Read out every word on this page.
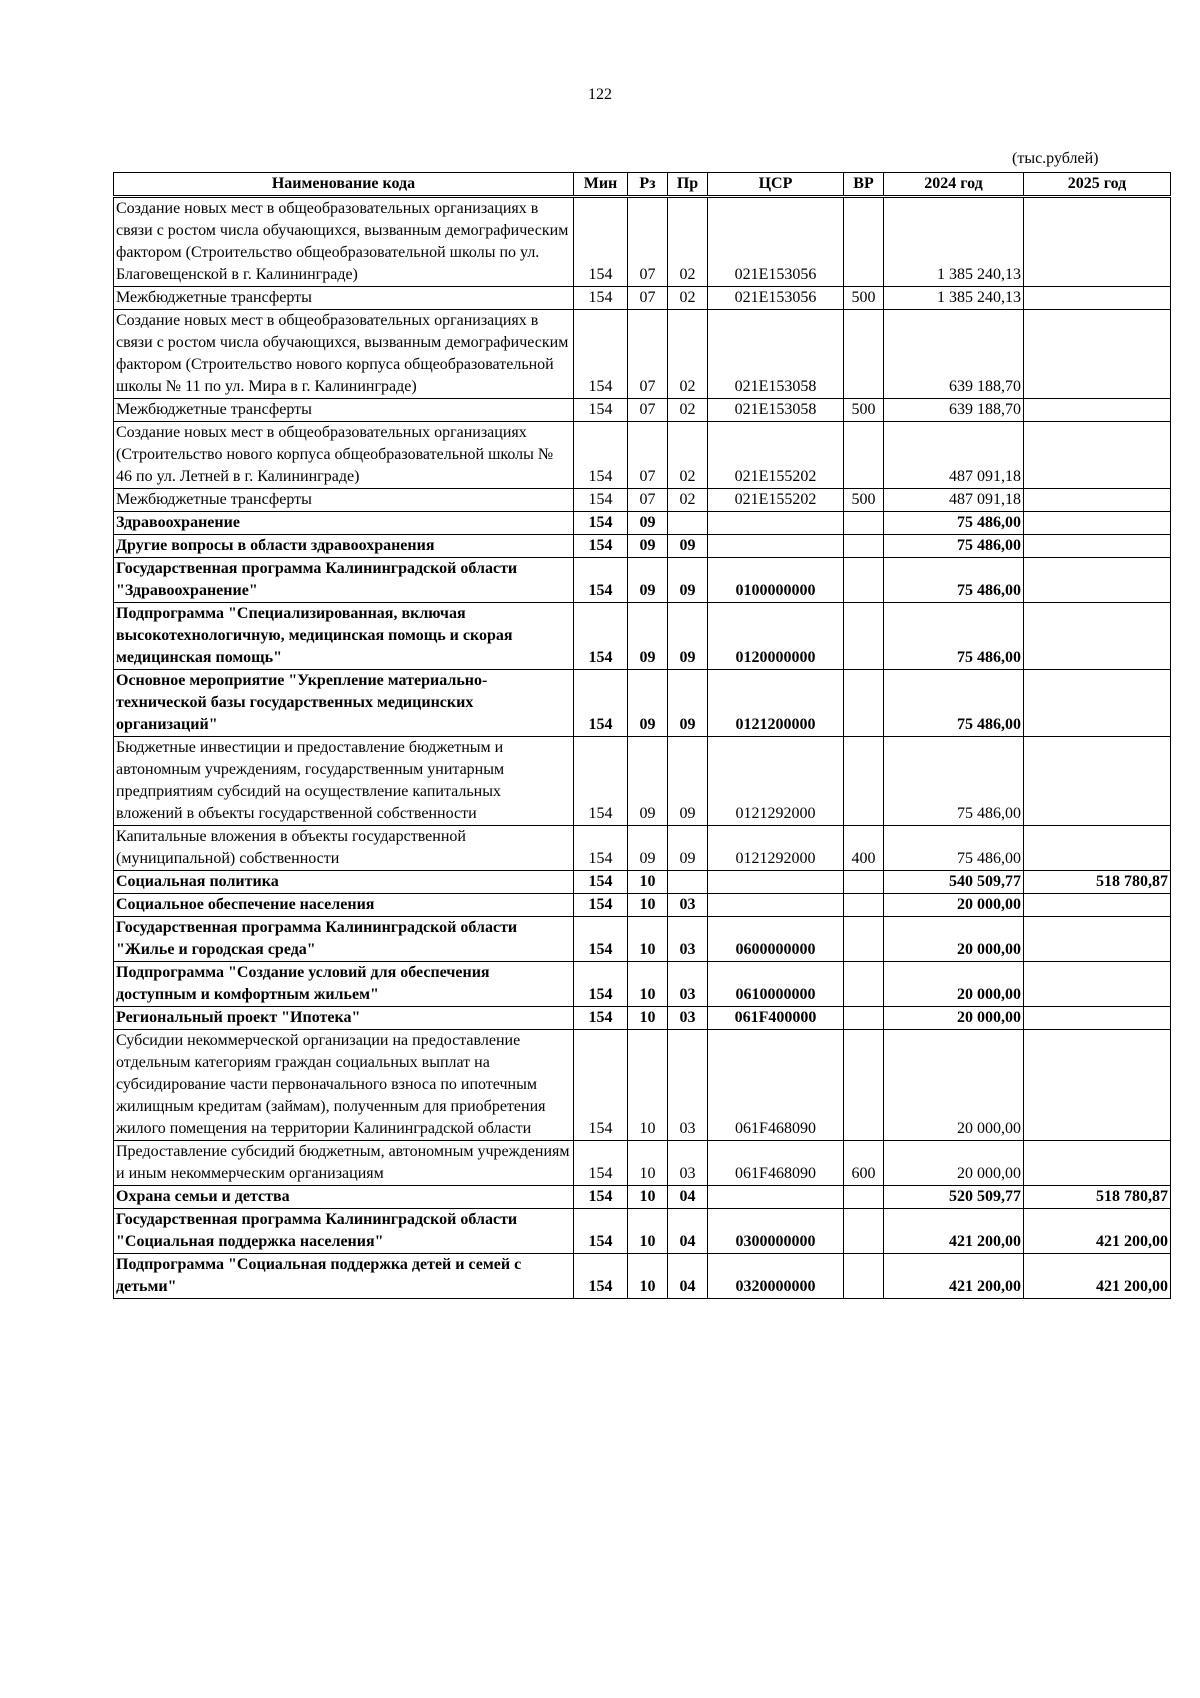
122
(тыс.рублей)
Наименование кода	Мин	Рз	Пр	ЦСР	ВР	2024 год	2025 год
Создание новых мест в общеобразовательных организациях в связи с ростом числа обучающихся, вызванным демографическим фактором (Строительство общеобразовательной школы по ул. Благовещенской в г. Калининграде)	154	07	02	021E153056		1 385 240,13	
Межбюджетные трансферты	154	07	02	021E153056	500	1 385 240,13	
Создание новых мест в общеобразовательных организациях в связи с ростом числа обучающихся, вызванным демографическим фактором (Строительство нового корпуса общеобразовательной школы № 11 по ул. Мира в г. Калининграде)	154	07	02	021E153058		639 188,70	
Межбюджетные трансферты	154	07	02	021E153058	500	639 188,70	
Создание новых мест в общеобразовательных организациях (Строительство нового корпуса общеобразовательной школы № 46 по ул. Летней в г. Калининграде)	154	07	02	021E155202		487 091,18	
Межбюджетные трансферты	154	07	02	021E155202	500	487 091,18	
Здравоохранение	154	09				75 486,00	
Другие вопросы в области здравоохранения	154	09	09			75 486,00	
Государственная программа Калининградской области "Здравоохранение"	154	09	09	0100000000		75 486,00	
Подпрограмма "Специализированная, включая высокотехнологичную, медицинская помощь и скорая медицинская помощь"	154	09	09	0120000000		75 486,00	
Основное мероприятие "Укрепление материально-технической базы государственных медицинских организаций"	154	09	09	0121200000		75 486,00	
Бюджетные инвестиции и предоставление бюджетным и автономным учреждениям, государственным унитарным предприятиям субсидий на осуществление капитальных вложений в объекты государственной собственности	154	09	09	0121292000		75 486,00	
Капитальные вложения в объекты государственной (муниципальной) собственности	154	09	09	0121292000	400	75 486,00	
Социальная политика	154	10				540 509,77	518 780,87
Социальное обеспечение населения	154	10	03			20 000,00	
Государственная программа Калининградской области "Жилье и городская среда"	154	10	03	0600000000		20 000,00	
Подпрограмма "Создание условий для обеспечения доступным и комфортным жильем"	154	10	03	0610000000		20 000,00	
Региональный проект "Ипотека"	154	10	03	061F400000		20 000,00	
Субсидии некоммерческой организации на предоставление отдельным категориям граждан социальных выплат на субсидирование части первоначального взноса по ипотечным жилищным кредитам (займам), полученным для приобретения жилого помещения на территории Калининградской области	154	10	03	061F468090		20 000,00	
Предоставление субсидий бюджетным, автономным учреждениям и иным некоммерческим организациям	154	10	03	061F468090	600	20 000,00	
Охрана семьи и детства	154	10	04			520 509,77	518 780,87
Государственная программа Калининградской области "Социальная поддержка населения"	154	10	04	0300000000		421 200,00	421 200,00
Подпрограмма "Социальная поддержка детей и семей с детьми"	154	10	04	0320000000		421 200,00	421 200,00
